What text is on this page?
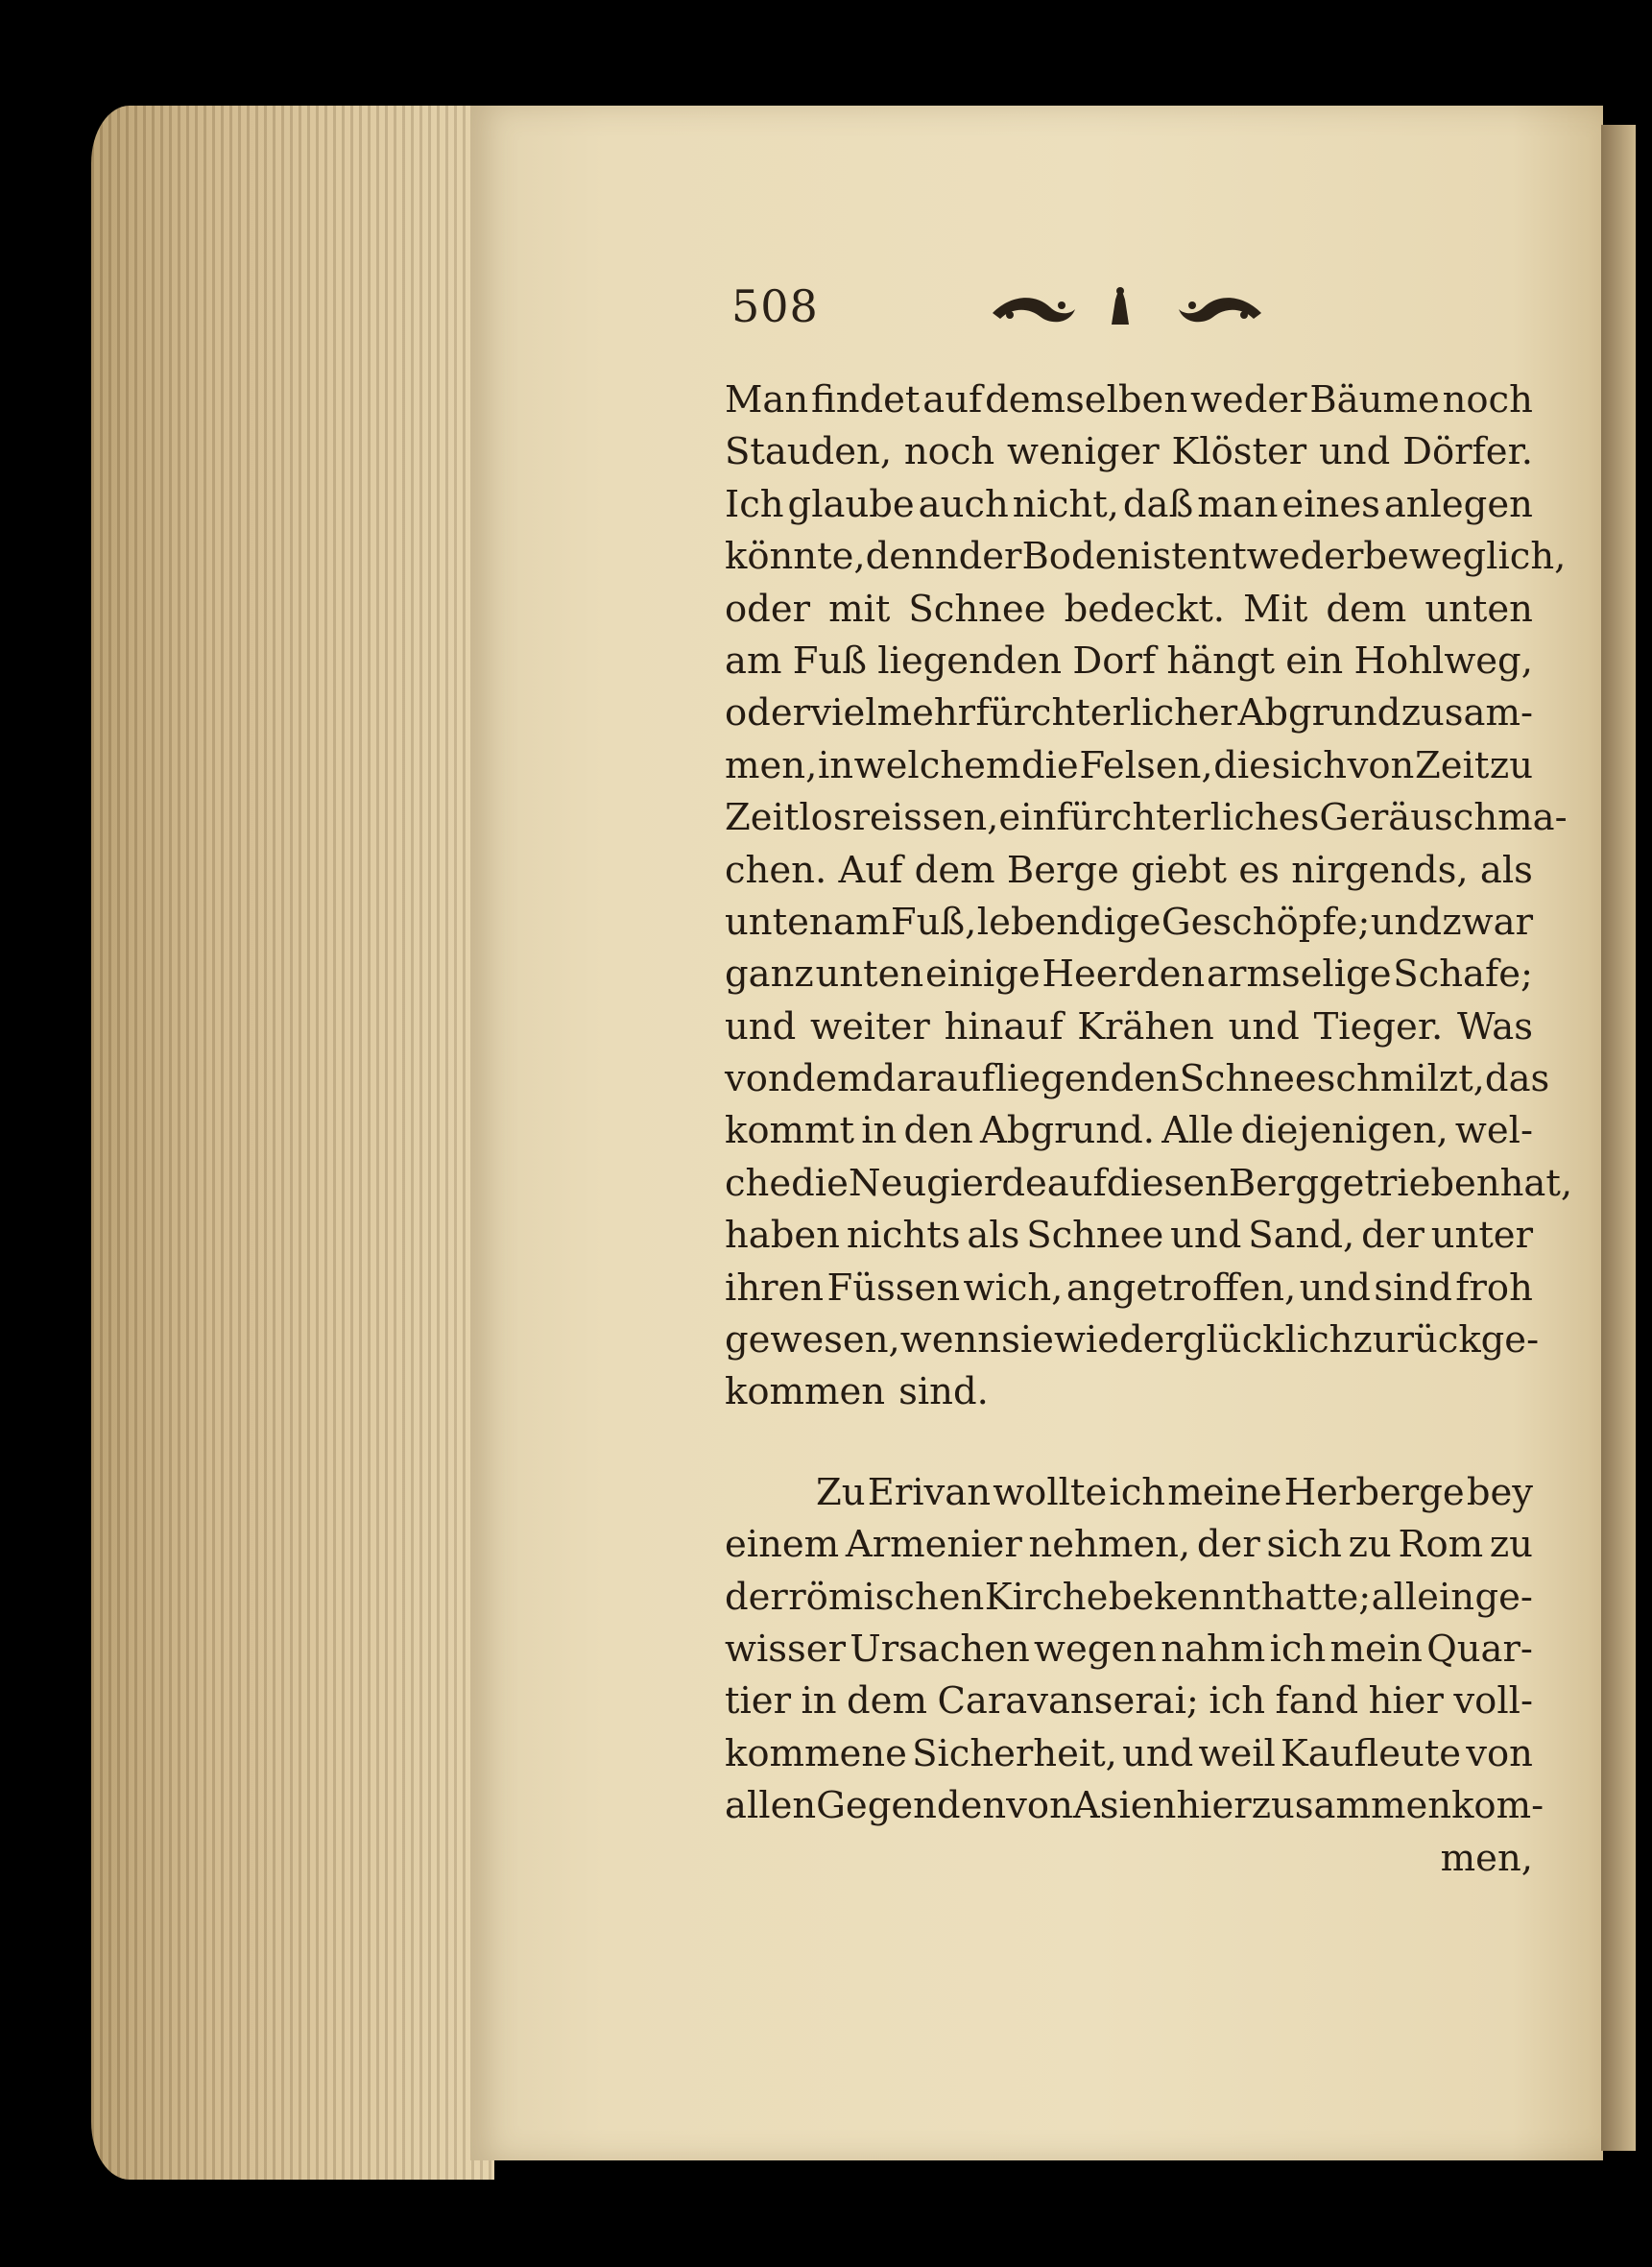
508
Man findet auf demselben weder Bäume noch
Stauden, noch weniger Klöster und Dörfer.
Ich glaube auch nicht, daß man eines anlegen
könnte, denn der Boden ist entweder beweglich,
oder mit Schnee bedeckt. Mit dem unten
am Fuß liegenden Dorf hängt ein Hohlweg,
oder vielmehr fürchterlicher Abgrund zusam-
men, in welchem die Felsen, die sich von Zeit zu
Zeit losreissen, ein fürchterliches Geräusch ma-
chen. Auf dem Berge giebt es nirgends, als
unten am Fuß, lebendige Geschöpfe; und zwar
ganz unten einige Heerden armselige Schafe;
und weiter hinauf Krähen und Tieger. Was
von dem darauf liegenden Schnee schmilzt, das
kommt in den Abgrund. Alle diejenigen, wel-
che die Neugierde auf diesen Berg getrieben hat,
haben nichts als Schnee und Sand, der unter
ihren Füssen wich, angetroffen, und sind froh
gewesen, wenn sie wieder glücklich zurück ge-
kommen sind.
Zu Erivan wollte ich meine Herberge bey
einem Armenier nehmen, der sich zu Rom zu
der römischen Kirche bekennt hatte; allein ge-
wisser Ursachen wegen nahm ich mein Quar-
tier in dem Caravanserai; ich fand hier voll-
kommene Sicherheit, und weil Kaufleute von
allen Gegenden von Asien hier zusammen kom-
men,
